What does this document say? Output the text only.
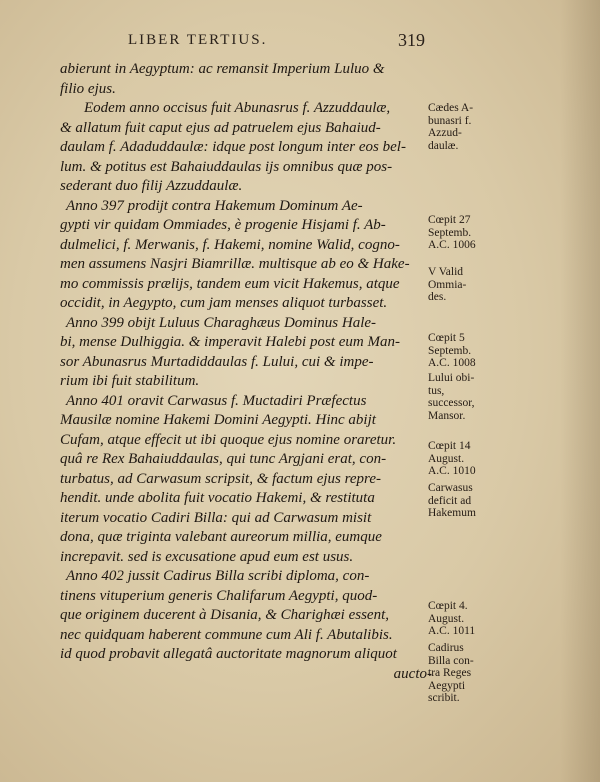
LIBER TERTIUS.	319
abierunt in Aegyptum: ac remansit Imperium Luluo &
filio ejus.
Eodem anno occisus fuit Abunasrus f. Azzuddaulæ,
& allatum fuit caput ejus ad patruelem ejus Bahaiud-
daulam f. Adaduddaulæ: idque post longum inter eos bel-
lum. & potitus est Bahaiuddaulas ijs omnibus quæ pos-
sederant duo filij Azzuddaulæ.
Anno 397 prodijt contra Hakemum Dominum Ae-
gypti vir quidam Ommiades, è progenie Hisjami f. Ab-
dulmelici, f. Merwanis, f. Hakemi, nomine Walid, cogno-
men assumens Nasjri Biamrillæ. multisque ab eo & Hake-
mo commissis prælijs, tandem eum vicit Hakemus, atque
occidit, in Aegypto, cum jam menses aliquot turbasset.
Anno 399 obijt Luluus Charaghæus Dominus Hale-
bi, mense Dulhiggia. & imperavit Halebi post eum Man-
sor Abunasrus Murtadiddaulas f. Lului, cui & impe-
rium ibi fuit stabilitum.
Anno 401 oravit Carwasus f. Muctadiri Præfectus
Mausilæ nomine Hakemi Domini Aegypti. Hinc abijt
Cufam, atque effecit ut ibi quoque ejus nomine oraretur.
quâ re Rex Bahaiuddaulas, qui tunc Argjani erat, con-
turbatus, ad Carwasum scripsit, & factum ejus repre-
hendit. unde abolita fuit vocatio Hakemi, & restituta
iterum vocatio Cadiri Billa: qui ad Carwasum misit
dona, quæ triginta valebant aureorum millia, eumque
increpavit. sed is excusatione apud eum est usus.
Anno 402 jussit Cadirus Billa scribi diploma, con-
tinens vituperium generis Chalifarum Aegypti, quod-
que originem ducerent à Disania, & Charighæi essent,
nec quidquam haberent commune cum Ali f. Abutalibis.
id quod probavit allegatâ auctoritate magnorum aliquot
aucto-
Cædes A-
bunasri f.
Azzud-
daulæ.
Cœpit 27
Septemb.
A.C. 1006
V Valid
Ommia-
des.
Cœpit 5
Septemb.
A.C. 1008
Lului obi-
tus,
successor,
Mansor.
Cœpit 14
August.
A.C. 1010
Carwasus
deficit ad
Hakemum
Cœpit 4.
August.
A.C. 1011
Cadirus
Billa con-
tra Reges
Aegypti
scribit.
